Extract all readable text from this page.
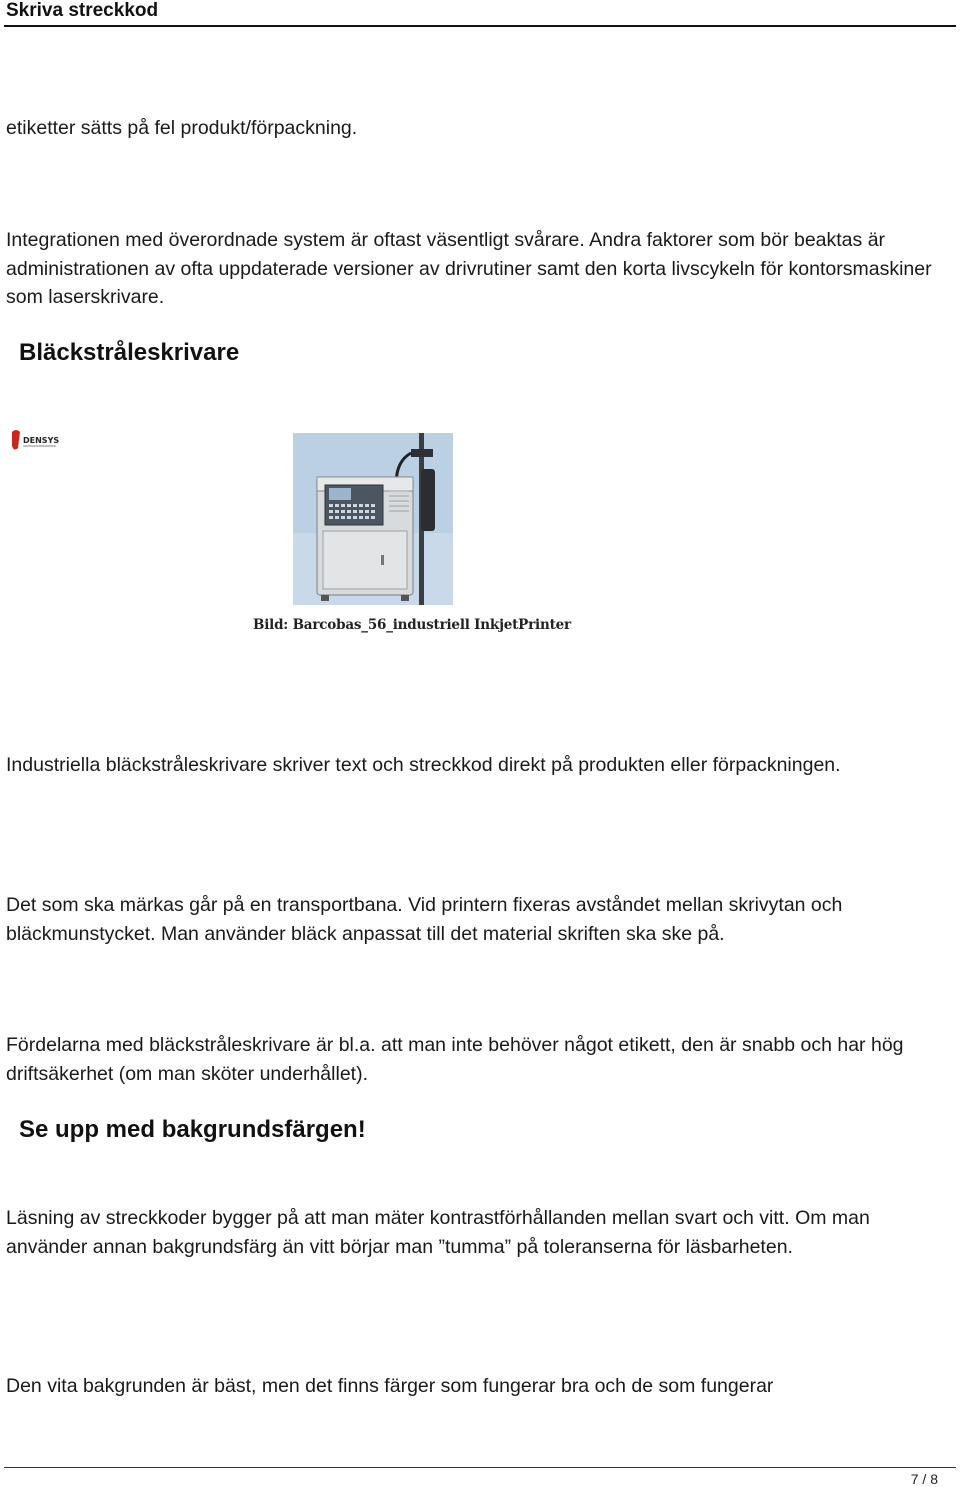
Skriva streckkod

etiketter sätts på fel produkt/förpackning.

Integrationen med överordnade system är oftast väsentligt svårare. Andra faktorer som bör beaktas är administrationen av ofta uppdaterade versioner av drivrutiner samt den korta livscykeln för kontorsmaskiner som laserskrivare.

Bläckstråleskrivare
DENSYS
Bild: Barcobas_56_industriell InkjetPrinter

Industriella bläckstråleskrivare skriver text och streckkod direkt på produkten eller förpackningen.

Det som ska märkas går på en transportbana. Vid printern fixeras avståndet mellan skrivytan och bläckmunstycket. Man använder bläck anpassat till det material skriften ska ske på.

Fördelarna med bläckstråleskrivare är bl.a. att man inte behöver något etikett, den är snabb och har hög driftsäkerhet (om man sköter underhållet).

Se upp med bakgrundsfärgen!

Läsning av streckkoder bygger på att man mäter kontrastförhållanden mellan svart och vitt. Om man använder annan bakgrundsfärg än vitt börjar man ”tumma” på toleranserna för läsbarheten.

Den vita bakgrunden är bäst, men det finns färger som fungerar bra och de som fungerar

7 / 8
